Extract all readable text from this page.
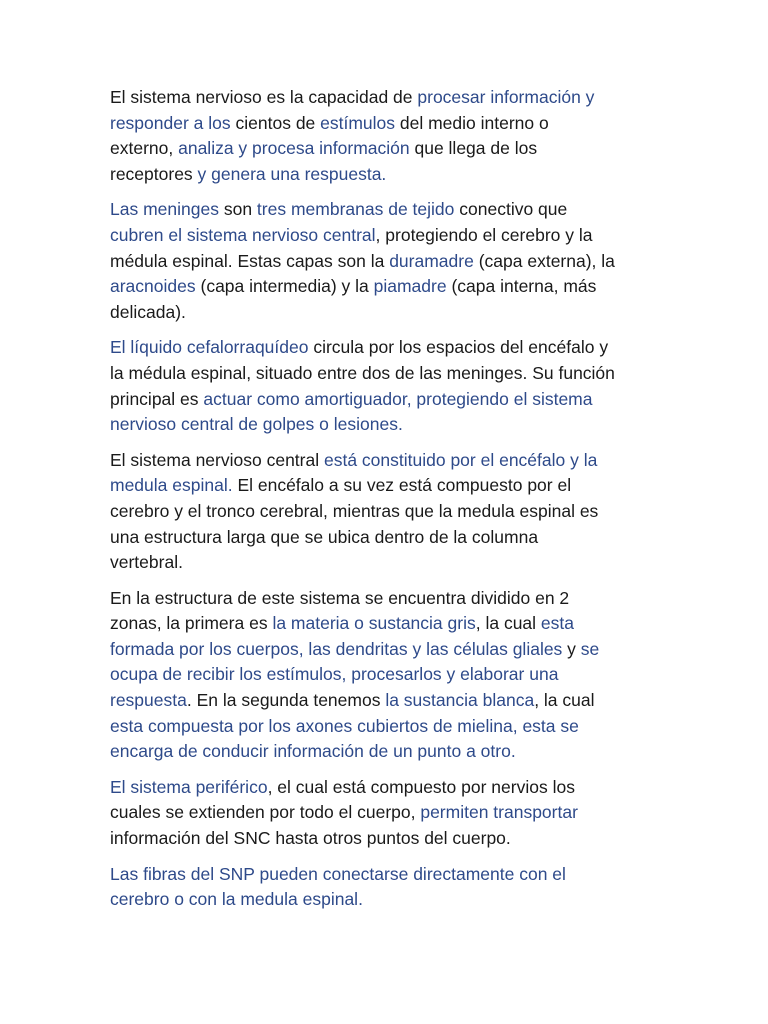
El sistema nervioso es la capacidad de procesar información y
responder a los cientos de estímulos del medio interno o
externo, analiza y procesa información que llega de los
receptores y genera una respuesta.
Las meninges son tres membranas de tejido conectivo que
cubren el sistema nervioso central, protegiendo el cerebro y la
médula espinal. Estas capas son la duramadre (capa externa), la
aracnoides (capa intermedia) y la piamadre (capa interna, más
delicada).
El líquido cefalorraquídeo circula por los espacios del encéfalo y
la médula espinal, situado entre dos de las meninges. Su función
principal es actuar como amortiguador, protegiendo el sistema
nervioso central de golpes o lesiones.
El sistema nervioso central está constituido por el encéfalo y la
medula espinal. El encéfalo a su vez está compuesto por el
cerebro y el tronco cerebral, mientras que la medula espinal es
una estructura larga que se ubica dentro de la columna
vertebral.
En la estructura de este sistema se encuentra dividido en 2
zonas, la primera es la materia o sustancia gris, la cual esta
formada por los cuerpos, las dendritas y las células gliales y se
ocupa de recibir los estímulos, procesarlos y elaborar una
respuesta. En la segunda tenemos la sustancia blanca, la cual
esta compuesta por los axones cubiertos de mielina, esta se
encarga de conducir información de un punto a otro.
El sistema periférico, el cual está compuesto por nervios los
cuales se extienden por todo el cuerpo, permiten transportar
información del SNC hasta otros puntos del cuerpo.
Las fibras del SNP pueden conectarse directamente con el
cerebro o con la medula espinal.
